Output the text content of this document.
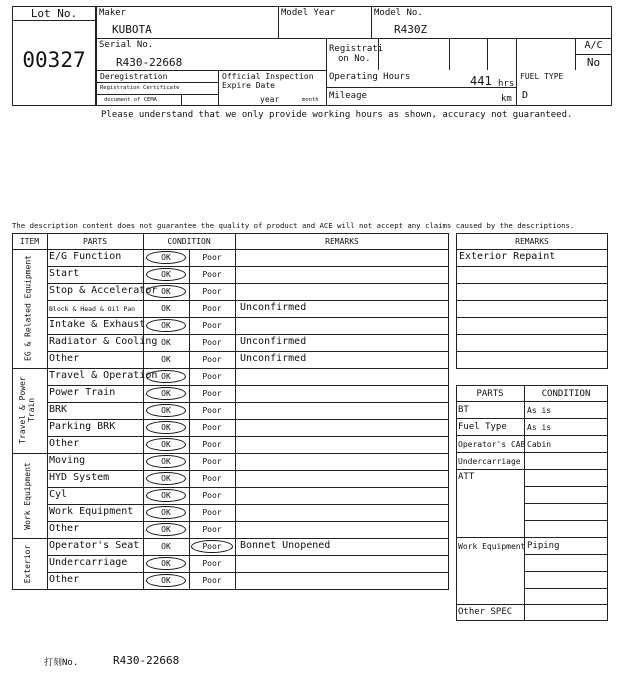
Lot No.
00327
Maker
KUBOTA
Model Year	Model No.
R430Z
Serial No.
R430-22668
Registrati
on No.
A/C
No
Deregistration
Registration Certificate
document of CEMA
Official Inspection
Expire Date
year	month
Operating Hours	441 hrs
Mileage	km
FUEL TYPE
D
Please understand that we only provide working hours as shown, accuracy not guaranteed.
The description content does not guarantee the quality of product and ACE will not accept any claims caused by the descriptions.
ITEM	PARTS	CONDITION	REMARKS
EG & Related Equipment
Travel & Power Train
Work Equipment
Exterior
E/G Function	OK	Poor
Start	OK	Poor
Stop & Accelerator OK	Poor
Block & Head & Oil Pan	OK	Poor	Unconfirmed
Intake & Exhaust	OK	Poor
Radiator & Cooling OK	Poor	Unconfirmed
Other	OK	Poor	Unconfirmed
Travel & Operation OK	Poor
Power Train	OK	Poor
BRK	OK	Poor
Parking BRK	OK	Poor
Other	OK	Poor
Moving	OK	Poor
HYD System	OK	Poor
Cyl	OK	Poor
Work Equipment	OK	Poor
Other	OK	Poor
Operator's Seat	OK	Poor	Bonnet Unopened
Undercarriage	OK	Poor
Other	OK	Poor
REMARKS
Exterior Repaint
PARTS	CONDITION
BT	As is
Fuel Type	As is
Operator's CAB Cabin
Undercarriage
ATT
Work Equipment Piping
Other SPEC
打刻No.	R430-22668
